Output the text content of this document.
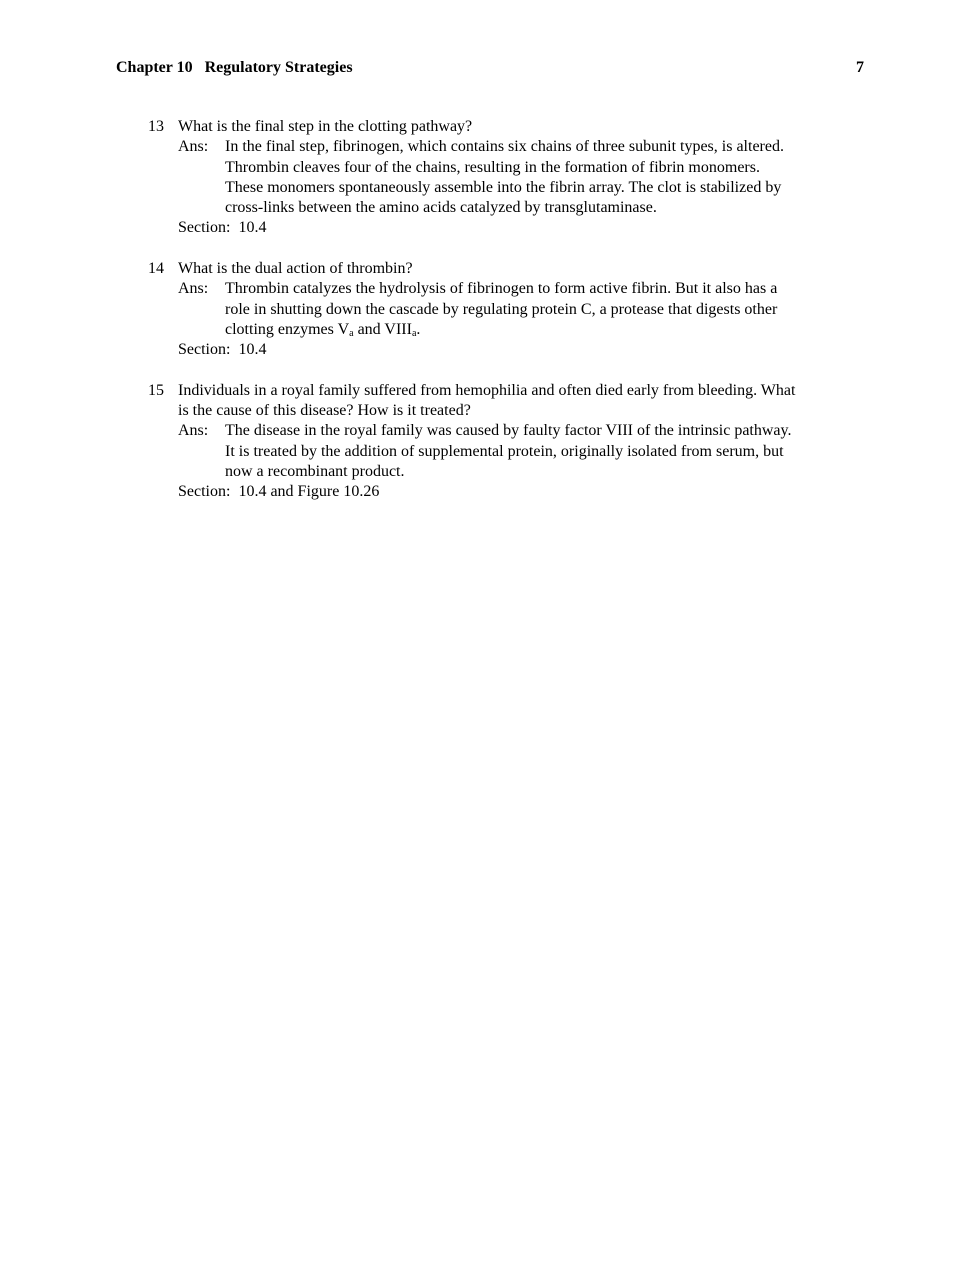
Chapter 10   Regulatory Strategies	7
13 What is the final step in the clotting pathway?
Ans: In the final step, fibrinogen, which contains six chains of three subunit types, is altered.
Thrombin cleaves four of the chains, resulting in the formation of fibrin monomers.
These monomers spontaneously assemble into the fibrin array. The clot is stabilized by
cross-links between the amino acids catalyzed by transglutaminase.
Section: 10.4
14 What is the dual action of thrombin?
Ans: Thrombin catalyzes the hydrolysis of fibrinogen to form active fibrin. But it also has a
role in shutting down the cascade by regulating protein C, a protease that digests other
clotting enzymes $V_a$ and $VIII_a$.
Section: 10.4
15 Individuals in a royal family suffered from hemophilia and often died early from bleeding. What
is the cause of this disease? How is it treated?
Ans: The disease in the royal family was caused by faulty factor VIII of the intrinsic pathway.
It is treated by the addition of supplemental protein, originally isolated from serum, but
now a recombinant product.
Section: 10.4 and Figure 10.26
